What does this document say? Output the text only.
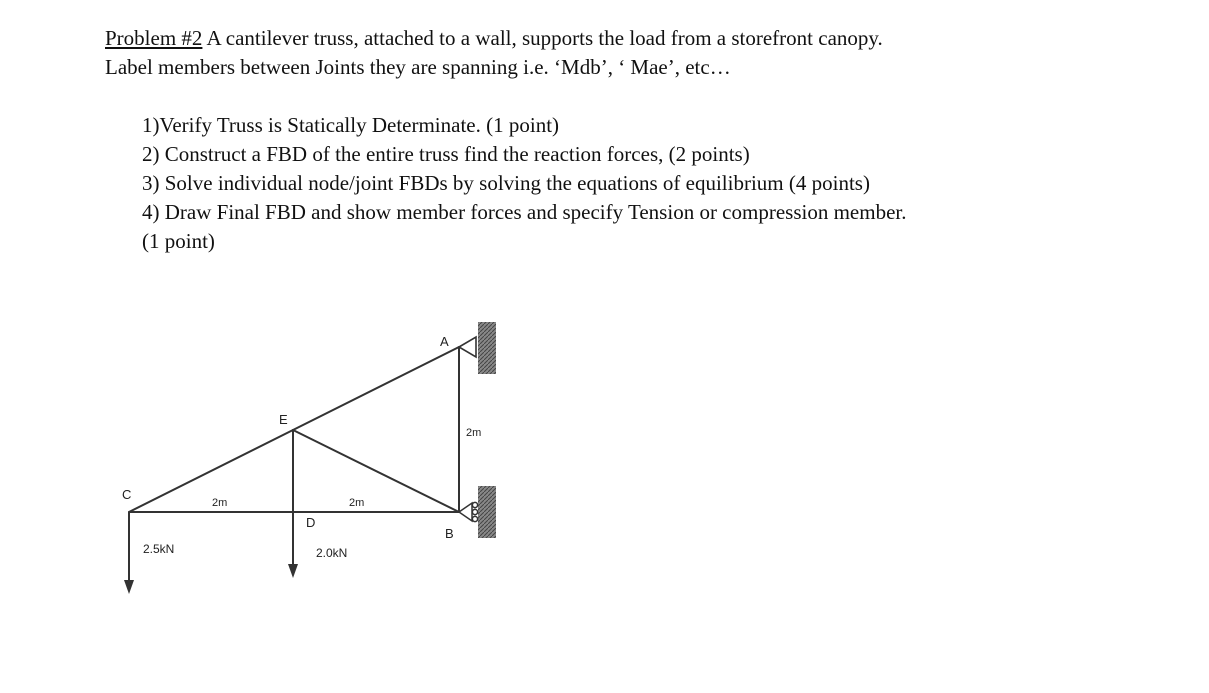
Problem #2 A cantilever truss, attached to a wall, supports the load from a storefront canopy.
Label members between Joints they are spanning i.e. ‘Mdb’, ‘ Mae’, etc…
1)Verify Truss is Statically Determinate. (1 point)
2) Construct a FBD of the entire truss find the reaction forces, (2 points)
3) Solve individual node/joint FBDs by solving the equations of equilibrium (4 points)
4) Draw Final FBD and show member forces and specify Tension or compression member.
(1 point)
A
B
C
D
E
2m	2m
2m
2.5kN	2.0kN
